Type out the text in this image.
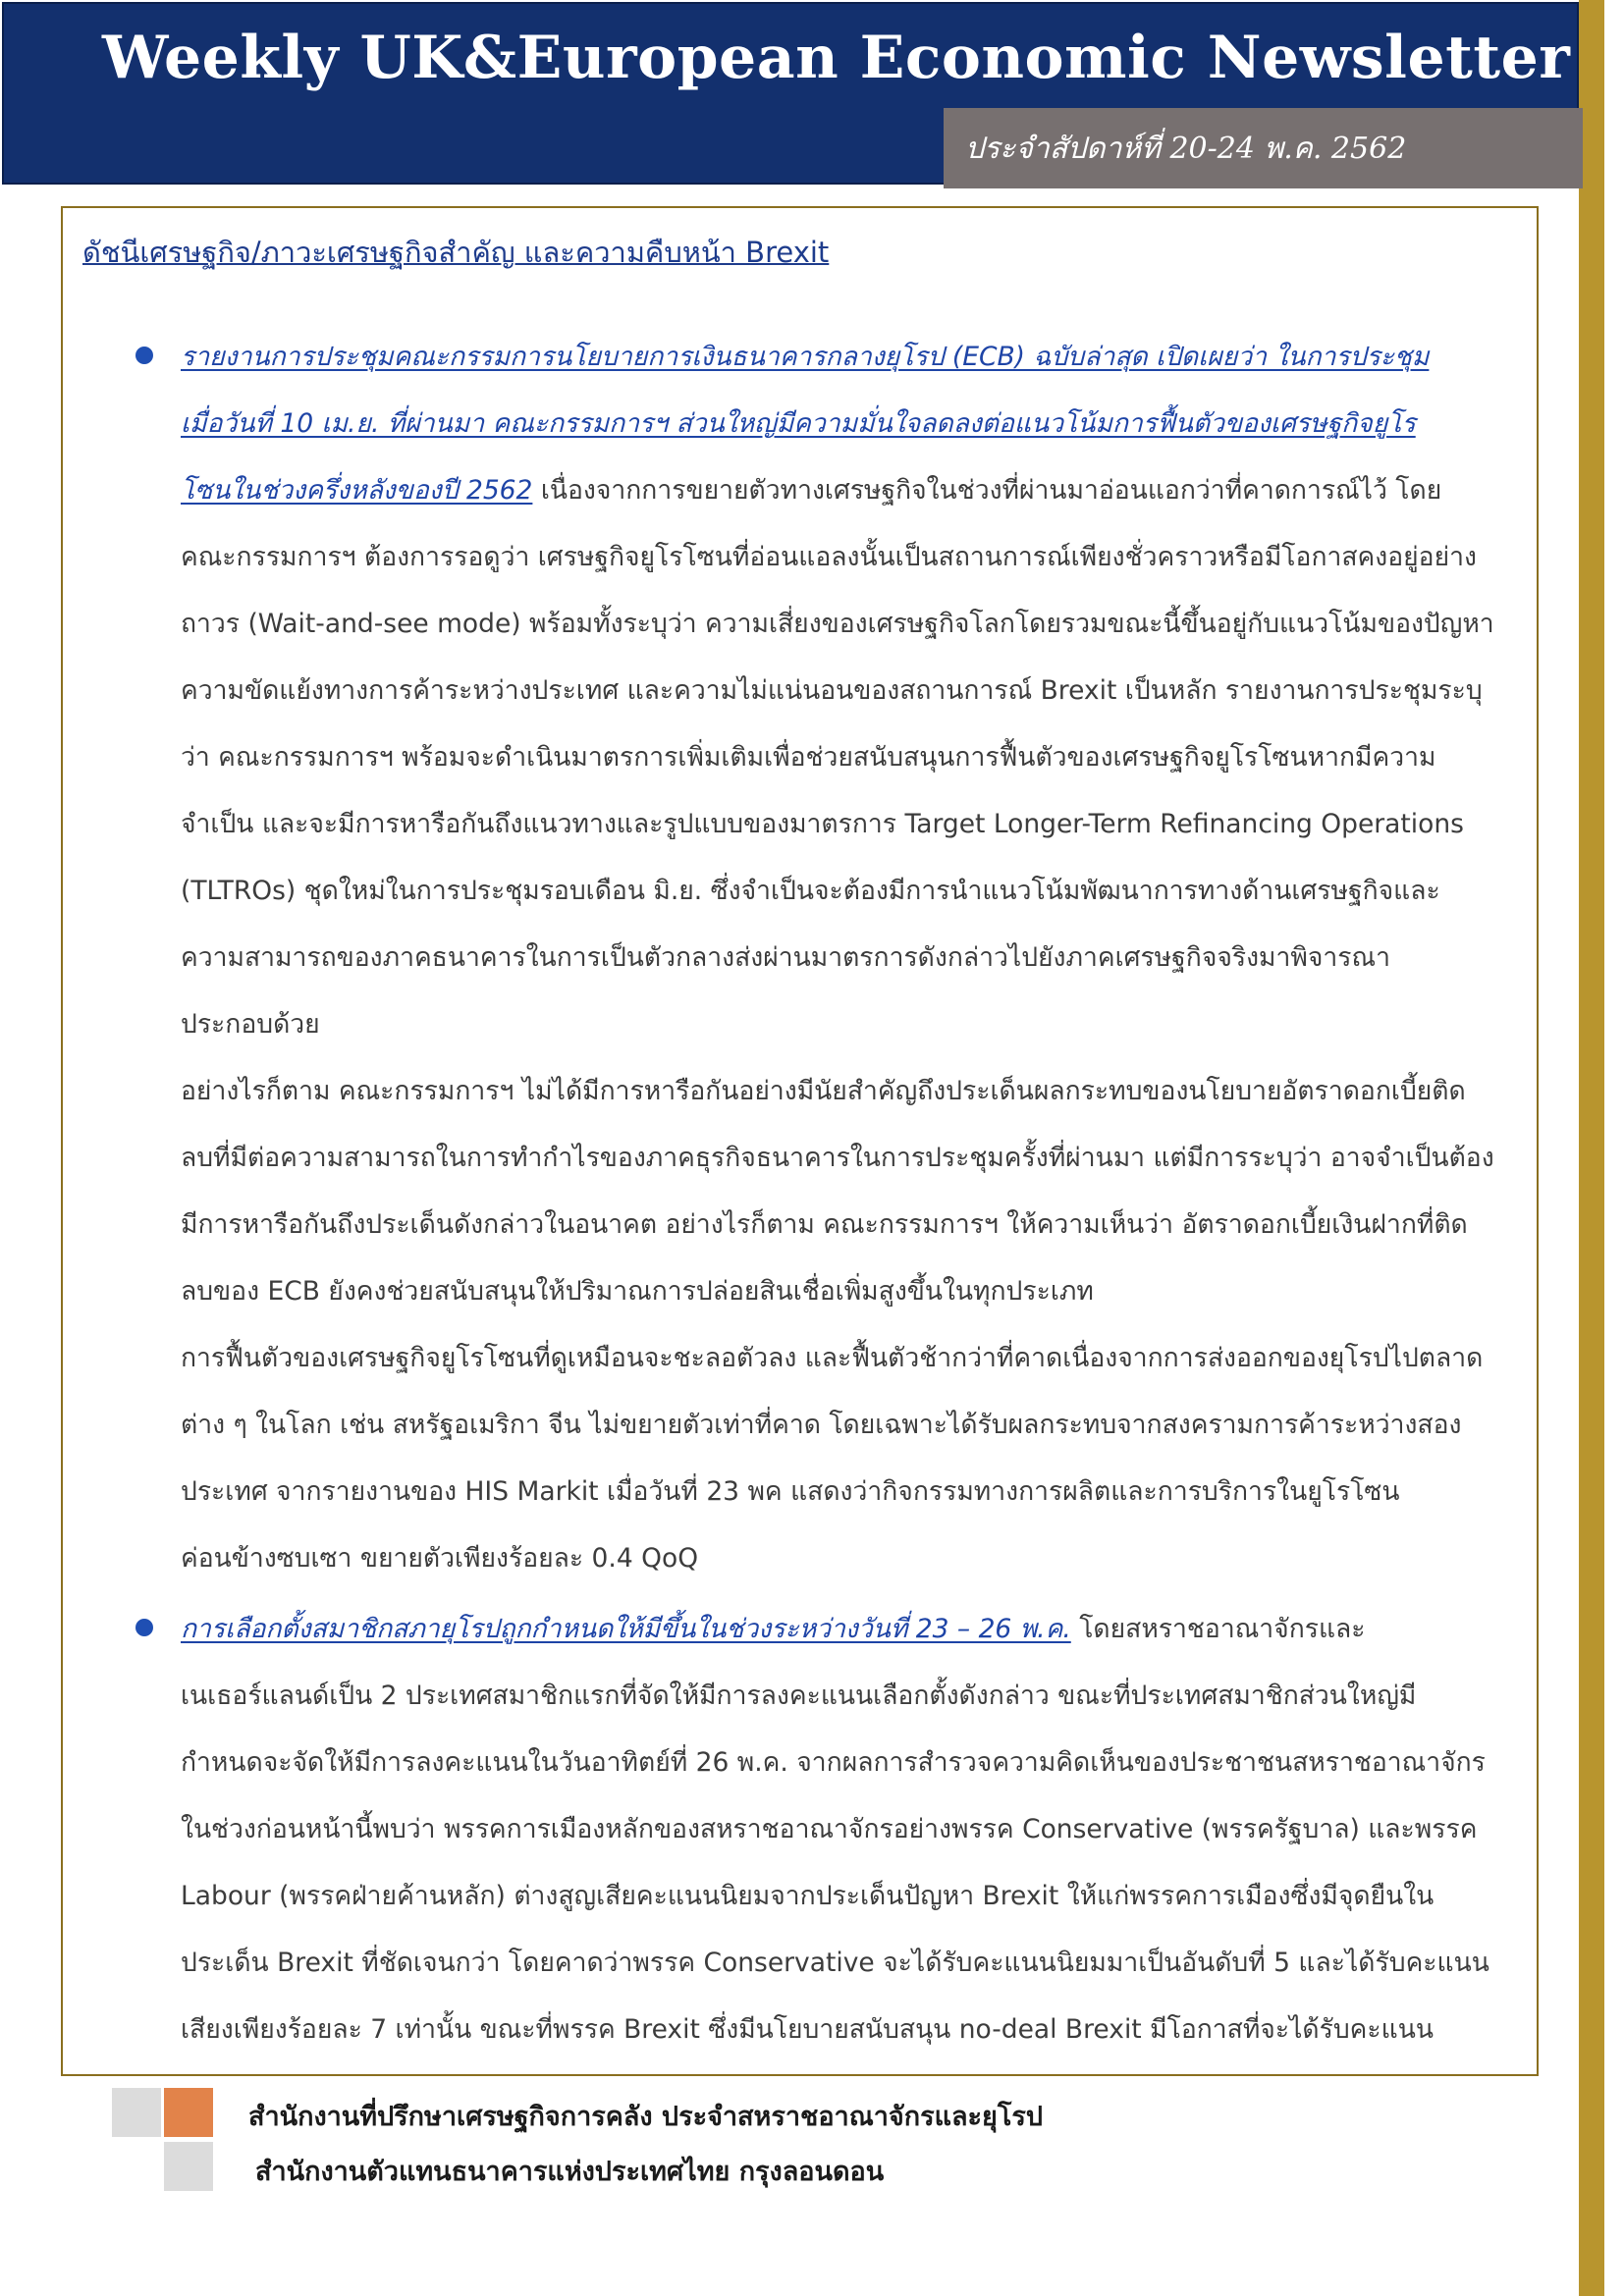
Weekly UK&European Economic Newsletter
ประจำสัปดาห์ที่ 20-24 พ.ค. 2562
ดัชนีเศรษฐกิจ/ภาวะเศรษฐกิจสำคัญ และความคืบหน้า Brexit
รายงานการประชุมคณะกรรมการนโยบายการเงินธนาคารกลางยุโรป (ECB) ฉบับล่าสุด เปิดเผยว่า ในการประชุม
เมื่อวันที่ 10 เม.ย. ที่ผ่านมา คณะกรรมการฯ ส่วนใหญ่มีความมั่นใจลดลงต่อแนวโน้มการฟื้นตัวของเศรษฐกิจยูโร
โซนในช่วงครึ่งหลังของปี 2562 เนื่องจากการขยายตัวทางเศรษฐกิจในช่วงที่ผ่านมาอ่อนแอกว่าที่คาดการณ์ไว้ โดย
คณะกรรมการฯ ต้องการรอดูว่า เศรษฐกิจยูโรโซนที่อ่อนแอลงนั้นเป็นสถานการณ์เพียงชั่วคราวหรือมีโอกาสคงอยู่อย่าง
ถาวร (Wait-and-see mode) พร้อมทั้งระบุว่า ความเสี่ยงของเศรษฐกิจโลกโดยรวมขณะนี้ขึ้นอยู่กับแนวโน้มของปัญหา
ความขัดแย้งทางการค้าระหว่างประเทศ และความไม่แน่นอนของสถานการณ์ Brexit เป็นหลัก รายงานการประชุมระบุ
ว่า คณะกรรมการฯ พร้อมจะดำเนินมาตรการเพิ่มเติมเพื่อช่วยสนับสนุนการฟื้นตัวของเศรษฐกิจยูโรโซนหากมีความ
จำเป็น และจะมีการหารือกันถึงแนวทางและรูปแบบของมาตรการ Target Longer-Term Refinancing Operations
(TLTROs) ชุดใหม่ในการประชุมรอบเดือน มิ.ย. ซึ่งจำเป็นจะต้องมีการนำแนวโน้มพัฒนาการทางด้านเศรษฐกิจและ
ความสามารถของภาคธนาคารในการเป็นตัวกลางส่งผ่านมาตรการดังกล่าวไปยังภาคเศรษฐกิจจริงมาพิจารณา
ประกอบด้วย
อย่างไรก็ตาม คณะกรรมการฯ ไม่ได้มีการหารือกันอย่างมีนัยสำคัญถึงประเด็นผลกระทบของนโยบายอัตราดอกเบี้ยติด
ลบที่มีต่อความสามารถในการทำกำไรของภาคธุรกิจธนาคารในการประชุมครั้งที่ผ่านมา แต่มีการระบุว่า อาจจำเป็นต้อง
มีการหารือกันถึงประเด็นดังกล่าวในอนาคต อย่างไรก็ตาม คณะกรรมการฯ ให้ความเห็นว่า อัตราดอกเบี้ยเงินฝากที่ติด
ลบของ ECB ยังคงช่วยสนับสนุนให้ปริมาณการปล่อยสินเชื่อเพิ่มสูงขึ้นในทุกประเภท
การฟื้นตัวของเศรษฐกิจยูโรโซนที่ดูเหมือนจะชะลอตัวลง และฟื้นตัวช้ากว่าที่คาดเนื่องจากการส่งออกของยุโรปไปตลาด
ต่าง ๆ ในโลก เช่น สหรัฐอเมริกา จีน ไม่ขยายตัวเท่าที่คาด โดยเฉพาะได้รับผลกระทบจากสงครามการค้าระหว่างสอง
ประเทศ จากรายงานของ HIS Markit เมื่อวันที่ 23 พค แสดงว่ากิจกรรมทางการผลิตและการบริการในยูโรโซน
ค่อนข้างซบเซา ขยายตัวเพียงร้อยละ 0.4 QoQ
การเลือกตั้งสมาชิกสภายุโรปถูกกำหนดให้มีขึ้นในช่วงระหว่างวันที่ 23 – 26 พ.ค. โดยสหราชอาณาจักรและ
เนเธอร์แลนด์เป็น 2 ประเทศสมาชิกแรกที่จัดให้มีการลงคะแนนเลือกตั้งดังกล่าว ขณะที่ประเทศสมาชิกส่วนใหญ่มี
กำหนดจะจัดให้มีการลงคะแนนในวันอาทิตย์ที่ 26 พ.ค. จากผลการสำรวจความคิดเห็นของประชาชนสหราชอาณาจักร
ในช่วงก่อนหน้านี้พบว่า พรรคการเมืองหลักของสหราชอาณาจักรอย่างพรรค Conservative (พรรครัฐบาล) และพรรค
Labour (พรรคฝ่ายค้านหลัก) ต่างสูญเสียคะแนนนิยมจากประเด็นปัญหา Brexit ให้แก่พรรคการเมืองซึ่งมีจุดยืนใน
ประเด็น Brexit ที่ชัดเจนกว่า โดยคาดว่าพรรค Conservative จะได้รับคะแนนนิยมมาเป็นอันดับที่ 5 และได้รับคะแนน
เสียงเพียงร้อยละ 7 เท่านั้น ขณะที่พรรค Brexit ซึ่งมีนโยบายสนับสนุน no-deal Brexit มีโอกาสที่จะได้รับคะแนน
สำนักงานที่ปรึกษาเศรษฐกิจการคลัง ประจำสหราชอาณาจักรและยุโรป
สำนักงานตัวแทนธนาคารแห่งประเทศไทย กรุงลอนดอน
